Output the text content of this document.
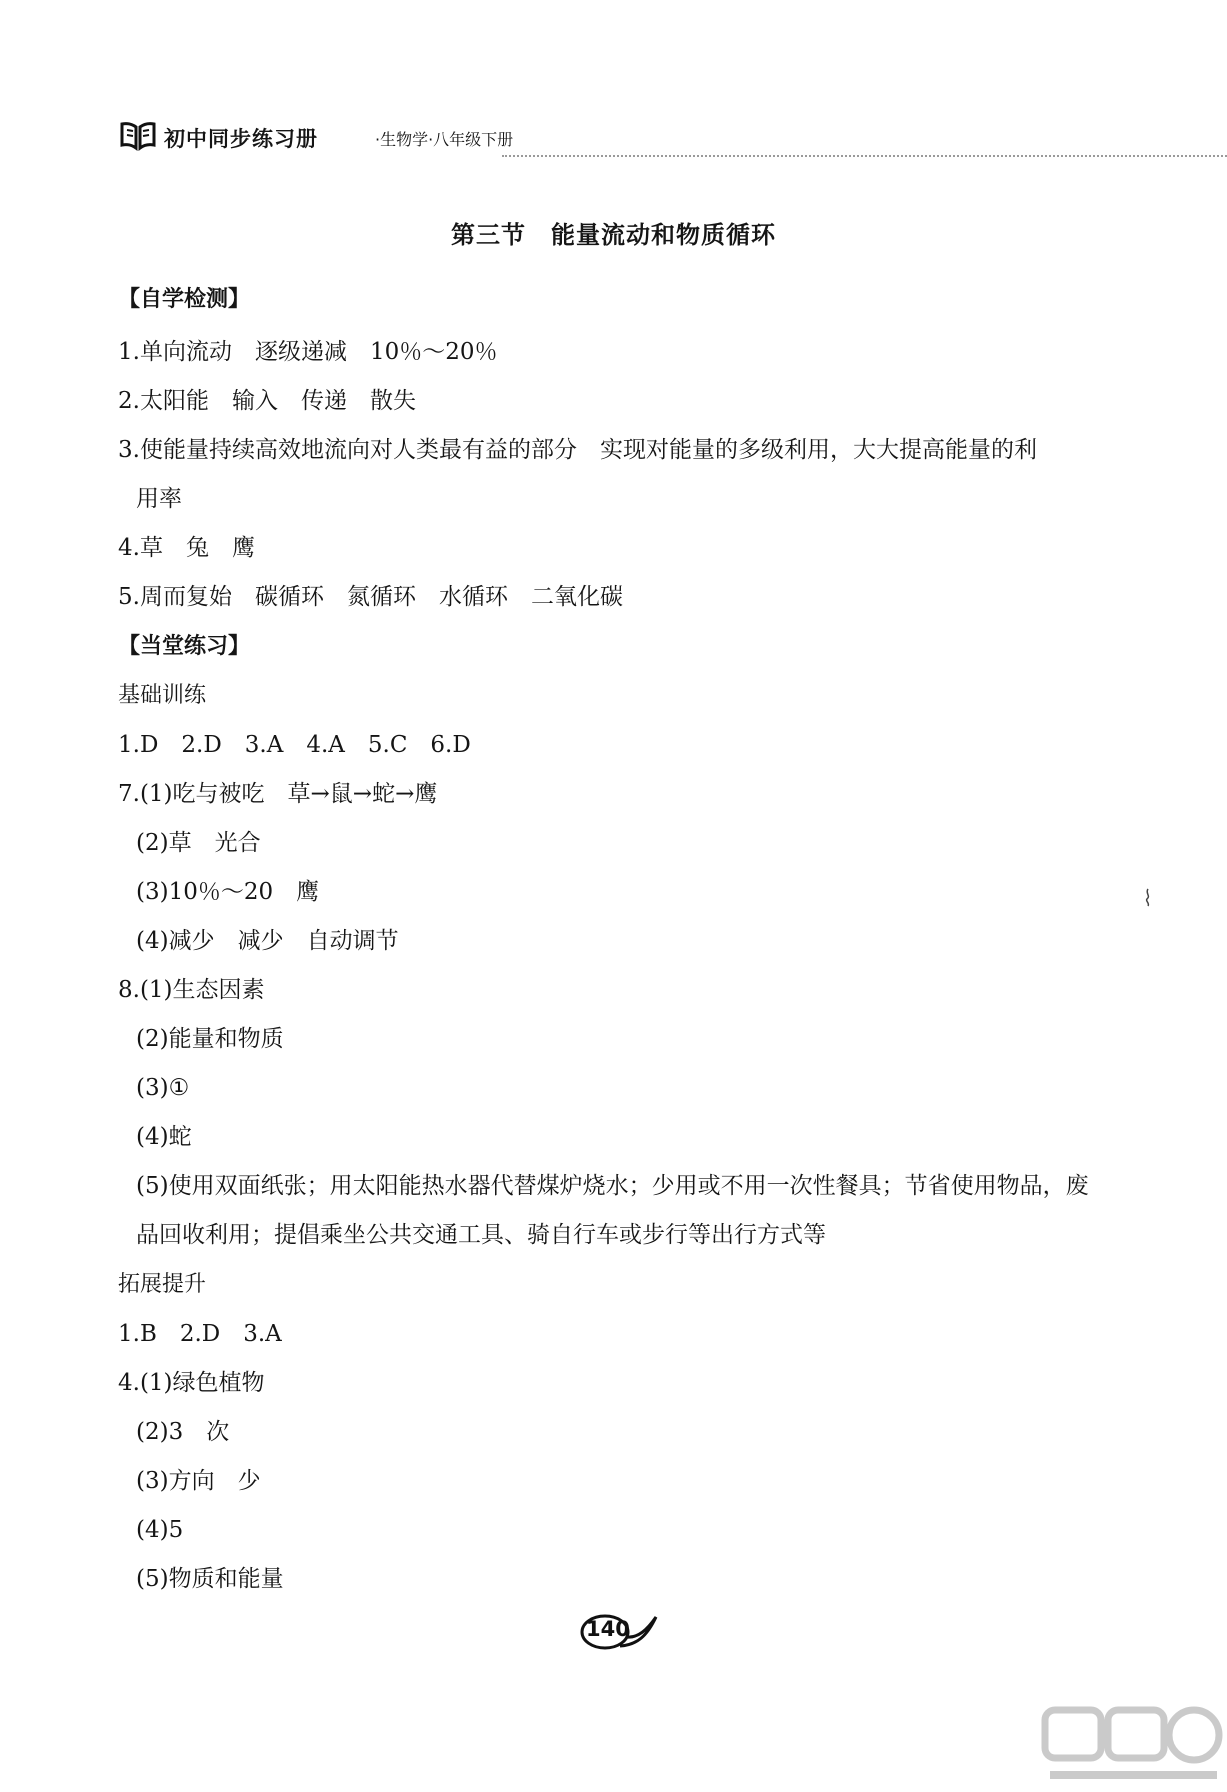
初中同步练习册	·生物学·八年级下册
第三节　能量流动和物质循环
【自学检测】
1.单向流动　逐级递减　10％～20％
2.太阳能　输入　传递　散失
3.使能量持续高效地流向对人类最有益的部分　实现对能量的多级利用，大大提高能量的利
用率
4.草　兔　鹰
5.周而复始　碳循环　氮循环　水循环　二氧化碳
【当堂练习】
基础训练
1.D　2.D　3.A　4.A　5.C　6.D
7.(1)吃与被吃　草→鼠→蛇→鹰
(2)草　光合
(3)10％～20　鹰
(4)减少　减少　自动调节
8.(1)生态因素
(2)能量和物质
(3)①
(4)蛇
(5)使用双面纸张；用太阳能热水器代替煤炉烧水；少用或不用一次性餐具；节省使用物品，废
品回收利用；提倡乘坐公共交通工具、骑自行车或步行等出行方式等
拓展提升
1.B　2.D　3.A
4.(1)绿色植物
(2)3　次
(3)方向　少
(4)5
(5)物质和能量
140
